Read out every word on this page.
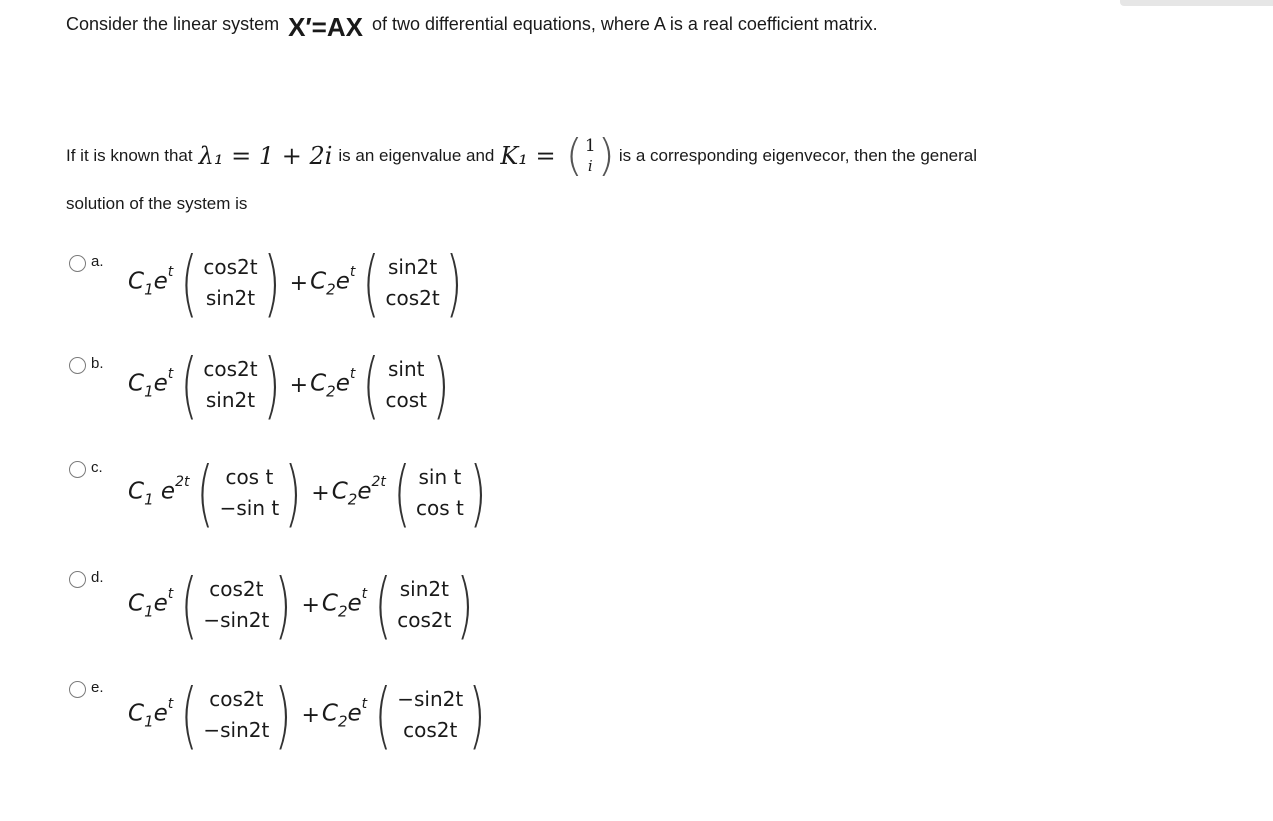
Consider the linear system X′=AX of two differential equations, where A is a real coefficient matrix.
If it is known that λ₁ = 1 + 2i is an eigenvalue and K₁ = ( 1
i ) is a corresponding eigenvecor, then the general
solution of the system is
a.
$C_1e^t$ ( cos2t
sin2t ) + $C_2e^t$ ( sin2t
cos2t )
b.
$C_1e^t$ ( cos2t
sin2t ) + $C_2e^t$ ( sint
cost )
c.
$C_1$ $e^{2t}$ ( cos t
−sin t ) + $C_2e^{2t}$ ( sin t
cos t )
d.
$C_1e^t$ ( cos2t
−sin2t ) + $C_2e^t$ ( sin2t
cos2t )
e.
$C_1e^t$ ( cos2t
−sin2t ) + $C_2e^t$ ( −sin2t
cos2t )
